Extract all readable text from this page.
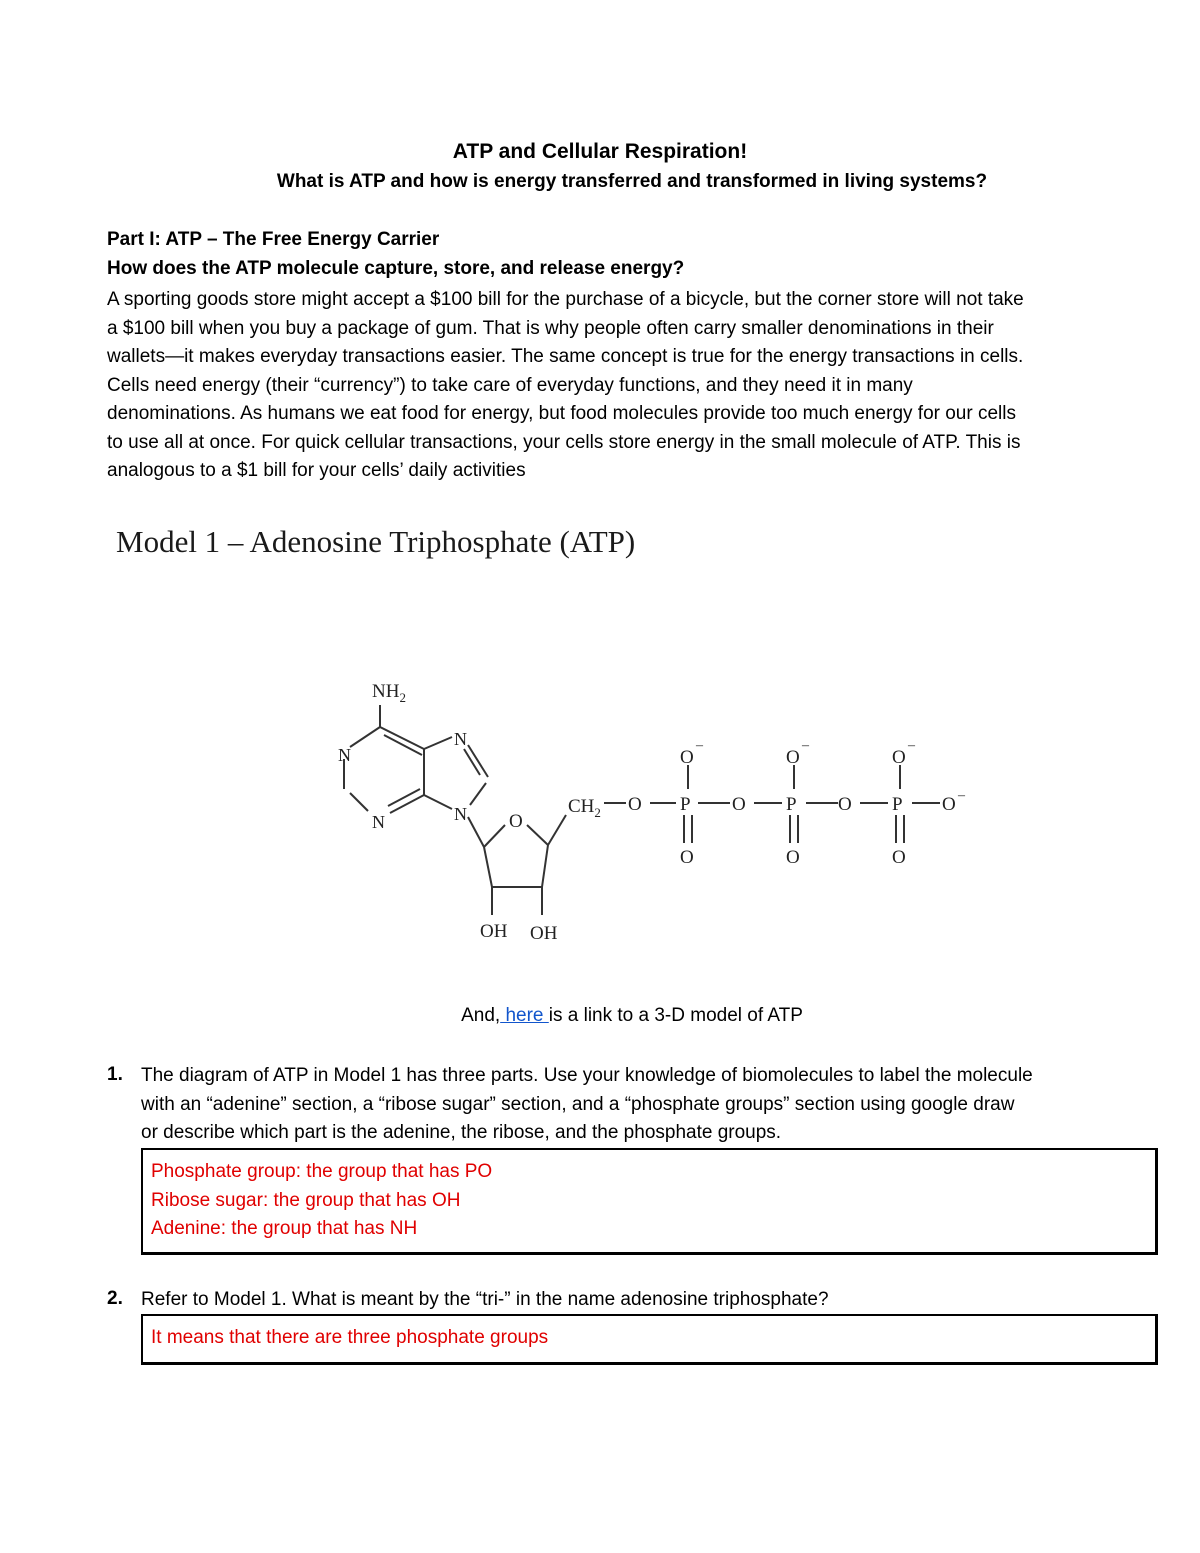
ATP and Cellular Respiration!
What is ATP and how is energy transferred and transformed in living systems?
Part I: ATP – The Free Energy Carrier
How does the ATP molecule capture, store, and release energy?
A sporting goods store might accept a $100 bill for the purchase of a bicycle, but the corner store will not take
a $100 bill when you buy a package of gum. That is why people often carry smaller denominations in their
wallets—it makes everyday transactions easier. The same concept is true for the energy transactions in cells.
Cells need energy (their “currency”) to take care of everyday functions, and they need it in many
denominations. As humans we eat food for energy, but food molecules provide too much energy for our cells
to use all at once. For quick cellular transactions, your cells store energy in the small molecule of ATP. This is
analogous to a $1 bill for your cells’ daily activities
Model 1 – Adenosine Triphosphate (ATP)
$NH_2$
N
N
N
N O
$CH_2$ O P O P O P O –
O
–
O
–
O
–
O	O	O
OH OH
And, here is a link to a 3-D model of ATP
1. The diagram of ATP in Model 1 has three parts. Use your knowledge of biomolecules to label the molecule
with an “adenine” section, a “ribose sugar” section, and a “phosphate groups” section using google draw
or describe which part is the adenine, the ribose, and the phosphate groups.
Phosphate group: the group that has PO
Ribose sugar: the group that has OH
Adenine: the group that has NH
2. Refer to Model 1. What is meant by the “tri-” in the name adenosine triphosphate?
It means that there are three phosphate groups
